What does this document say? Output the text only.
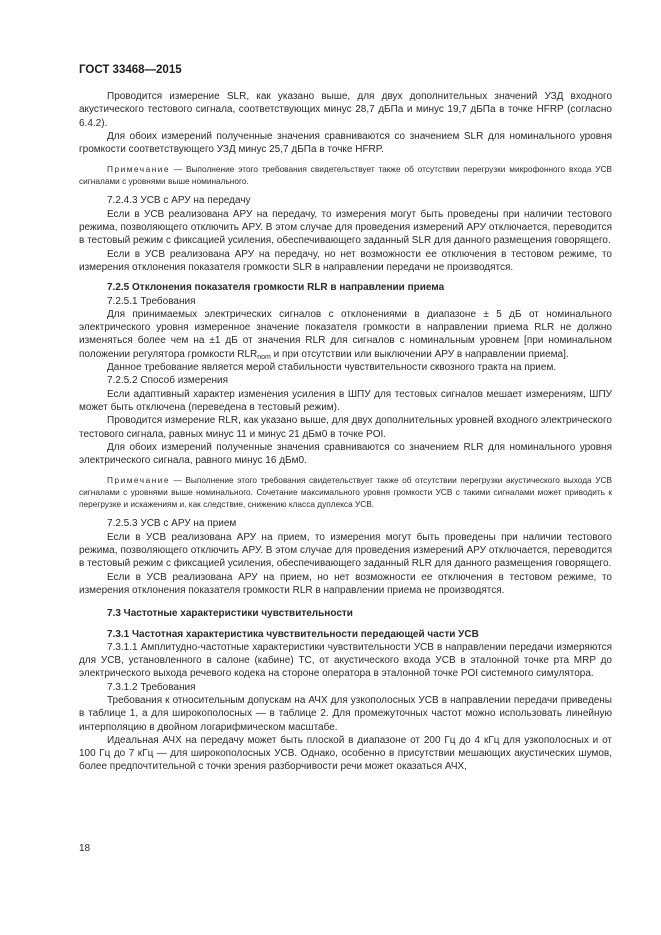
ГОСТ 33468—2015

Проводится измерение SLR, как указано выше, для двух дополнительных значений УЗД входного акустического тестового сигнала, соответствующих минус 28,7 дБПа и минус 19,7 дБПа в точке HFRP (согласно 6.4.2).

Для обоих измерений полученные значения сравниваются со значением SLR для номинального уровня громкости соответствующего УЗД минус 25,7 дБПа в точке HFRP.

Примечание — Выполнение этого требования свидетельствует также об отсутствии перегрузки микрофонного входа УСВ сигналами с уровнями выше номинального.

7.2.4.3 УСВ с АРУ на передачу

Если в УСВ реализована АРУ на передачу, то измерения могут быть проведены при наличии тестового режима, позволяющего отключить АРУ. В этом случае для проведения измерений АРУ отключается, переводится в тестовый режим с фиксацией усиления, обеспечивающего заданный SLR для данного размещения говорящего.

Если в УСВ реализована АРУ на передачу, но нет возможности ее отключения в тестовом режиме, то измерения отклонения показателя громкости SLR в направлении передачи не производятся.

7.2.5 Отклонения показателя громкости RLR в направлении приема

7.2.5.1 Требования

Для принимаемых электрических сигналов с отклонениями в диапазоне ± 5 дБ от номинального электрического уровня измеренное значение показателя громкости в направлении приема RLR не должно изменяться более чем на ±1 дБ от значения RLR для сигналов с номинальным уровнем [при номинальном положении регулятора громкости $RLR_{nom}$ и при отсутствии или выключении АРУ в направлении приема].

Данное требование является мерой стабильности чувствительности сквозного тракта на прием.

7.2.5.2 Способ измерения

Если адаптивный характер изменения усиления в ШПУ для тестовых сигналов мешает измерениям, ШПУ может быть отключена (переведена в тестовый режим).

Проводится измерение RLR, как указано выше, для двух дополнительных уровней входного электрического тестового сигнала, равных минус 11 и минус 21 дБм0 в точке POI.

Для обоих измерений полученные значения сравниваются со значением RLR для номинального уровня электрического сигнала, равного минус 16 дБм0.

Примечание — Выполнение этого требования свидетельствует также об отсутствии перегрузки акустического выхода УСВ сигналами с уровнями выше номинального. Сочетание максимального уровня громкости УСВ с такими сигналами может приводить к перегрузке и искажениям и, как следствие, снижению класса дуплекса УСВ.

7.2.5.3 УСВ с АРУ на прием

Если в УСВ реализована АРУ на прием, то измерения могут быть проведены при наличии тестового режима, позволяющего отключить АРУ. В этом случае для проведения измерений АРУ отключается, переводится в тестовый режим с фиксацией усиления, обеспечивающего заданный RLR для данного размещения говорящего.

Если в УСВ реализована АРУ на прием, но нет возможности ее отключения в тестовом режиме, то измерения отклонения показателя громкости RLR в направлении приема не производятся.

7.3 Частотные характеристики чувствительности

7.3.1 Частотная характеристика чувствительности передающей части УСВ

7.3.1.1 Амплитудно-частотные характеристики чувствительности УСВ в направлении передачи измеряются для УСВ, установленного в салоне (кабине) ТС, от акустического входа УСВ в эталонной точке рта MRP до электрического выхода речевого кодека на стороне оператора в эталонной точке POI системного симулятора.

7.3.1.2 Требования

Требования к относительным допускам на АЧХ для узкополосных УСВ в направлении передачи приведены в таблице 1, а для широкополосных — в таблице 2. Для промежуточных частот можно использовать линейную интерполяцию в двойном логарифмическом масштабе.

Идеальная АЧХ на передачу может быть плоской в диапазоне от 200 Гц до 4 кГц для узкополосных и от 100 Гц до 7 кГц — для широкополосных УСВ. Однако, особенно в присутствии мешающих акустических шумов, более предпочтительной с точки зрения разборчивости речи может оказаться АЧХ,

18
